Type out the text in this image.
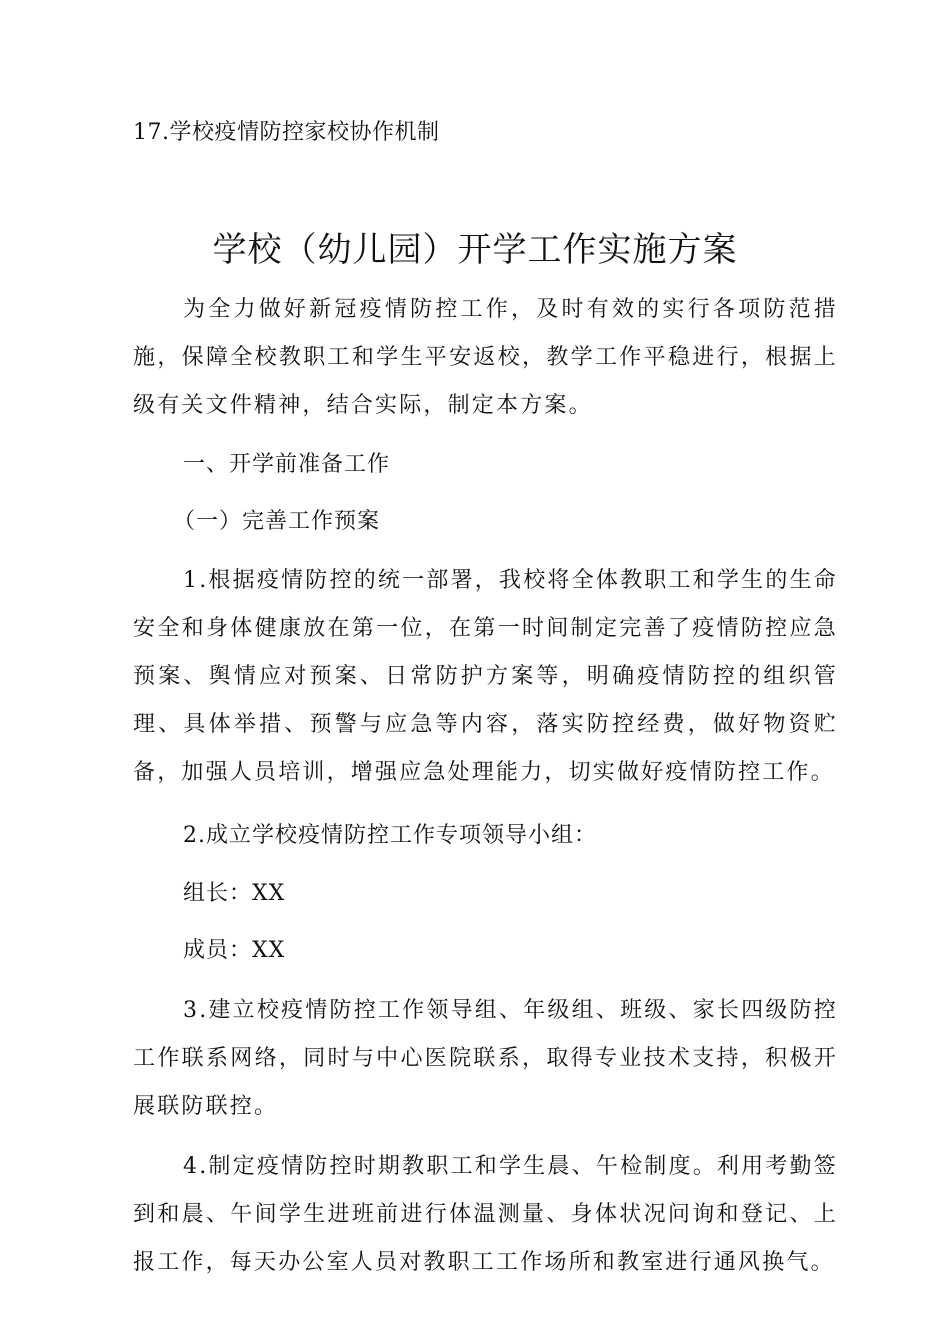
17.学校疫情防控家校协作机制
学校（幼儿园）开学工作实施方案

为全力做好新冠疫情防控工作，及时有效的实行各项防范措施，保障全校教职工和学生平安返校，教学工作平稳进行，根据上级有关文件精神，结合实际，制定本方案。

一、开学前准备工作

（一）完善工作预案

1.根据疫情防控的统一部署，我校将全体教职工和学生的生命安全和身体健康放在第一位，在第一时间制定完善了疫情防控应急预案、舆情应对预案、日常防护方案等，明确疫情防控的组织管理、具体举措、预警与应急等内容，落实防控经费，做好物资贮备，加强人员培训，增强应急处理能力，切实做好疫情防控工作。

2.成立学校疫情防控工作专项领导小组：

组长：XX

成员：XX

3.建立校疫情防控工作领导组、年级组、班级、家长四级防控工作联系网络，同时与中心医院联系，取得专业技术支持，积极开展联防联控。

4.制定疫情防控时期教职工和学生晨、午检制度。利用考勤签到和晨、午间学生进班前进行体温测量、身体状况问询和登记、上报工作，每天办公室人员对教职工工作场所和教室进行通风换气。
